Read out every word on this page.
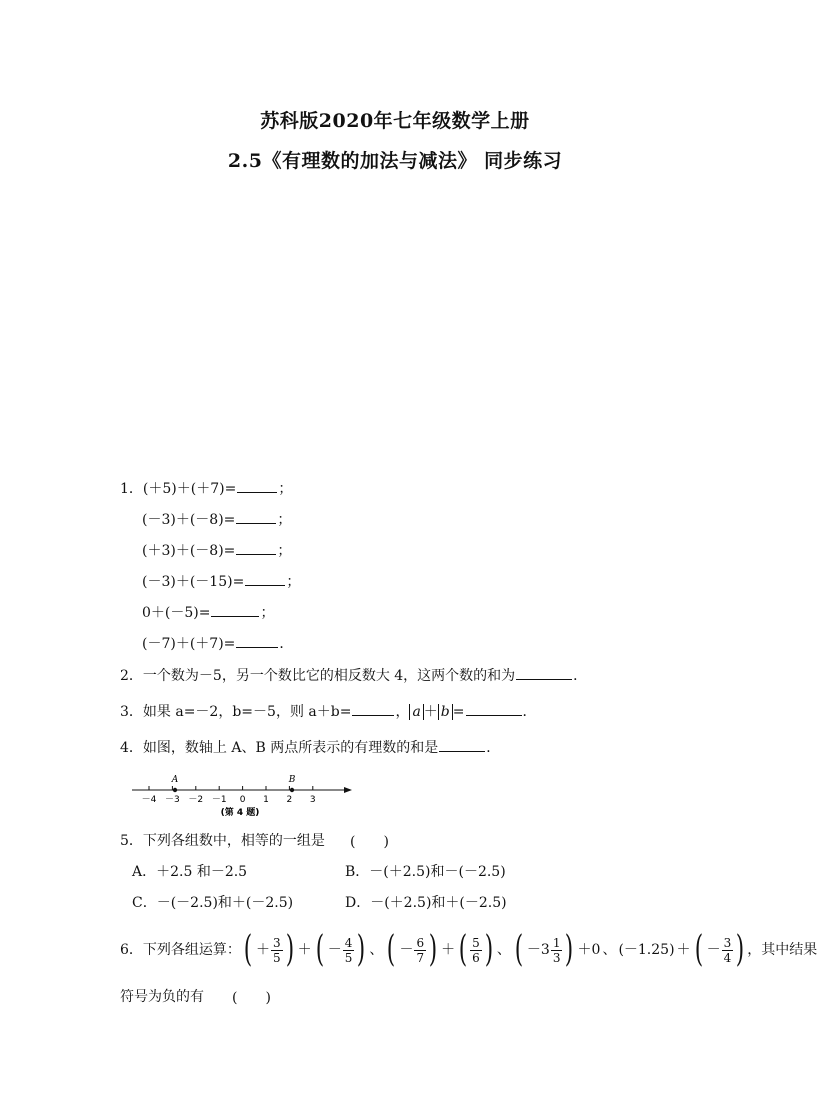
苏科版2020年七年级数学上册
2.5《有理数的加法与减法》 同步练习
1．(＋5)＋(＋7)=	；
(－3)＋(－8)=	；
(＋3)＋(－8)=	；
(－3)＋(－15)=	；
0＋(－5)=	；
(－7)＋(＋7)=	．
2．一个数为－5，另一个数比它的相反数大 4，这两个数的和为	．
3．如果 a=－2，b=－5，则 a＋b=	， a ＋ b =	．
4．如图，数轴上 A、B 两点所表示的有理数的和是	．
－4 －3 －2 －1 0 1 2 3
A	B
(第 4 题)
5．下列各组数中，相等的一组是 (　　)
A．＋2.5 和－2.5	B．－(＋2.5)和－(－2.5)
C．－(－2.5)和＋(－2.5)	D．－(＋2.5)和＋(－2.5)
6．下列各组运算： ( ＋ $\frac{3}{5}$ ) ＋ ( － $\frac{4}{5}$ ) 、 ( － $\frac{6}{7}$ ) ＋ ( $\frac{5}{6}$ ) 、 ( $-3 \frac{1}{3}$ ) ＋0 、 (－1.25) ＋ ( － $\frac{3}{4}$ ) ，其中结果
符号为负的有 (　　)
